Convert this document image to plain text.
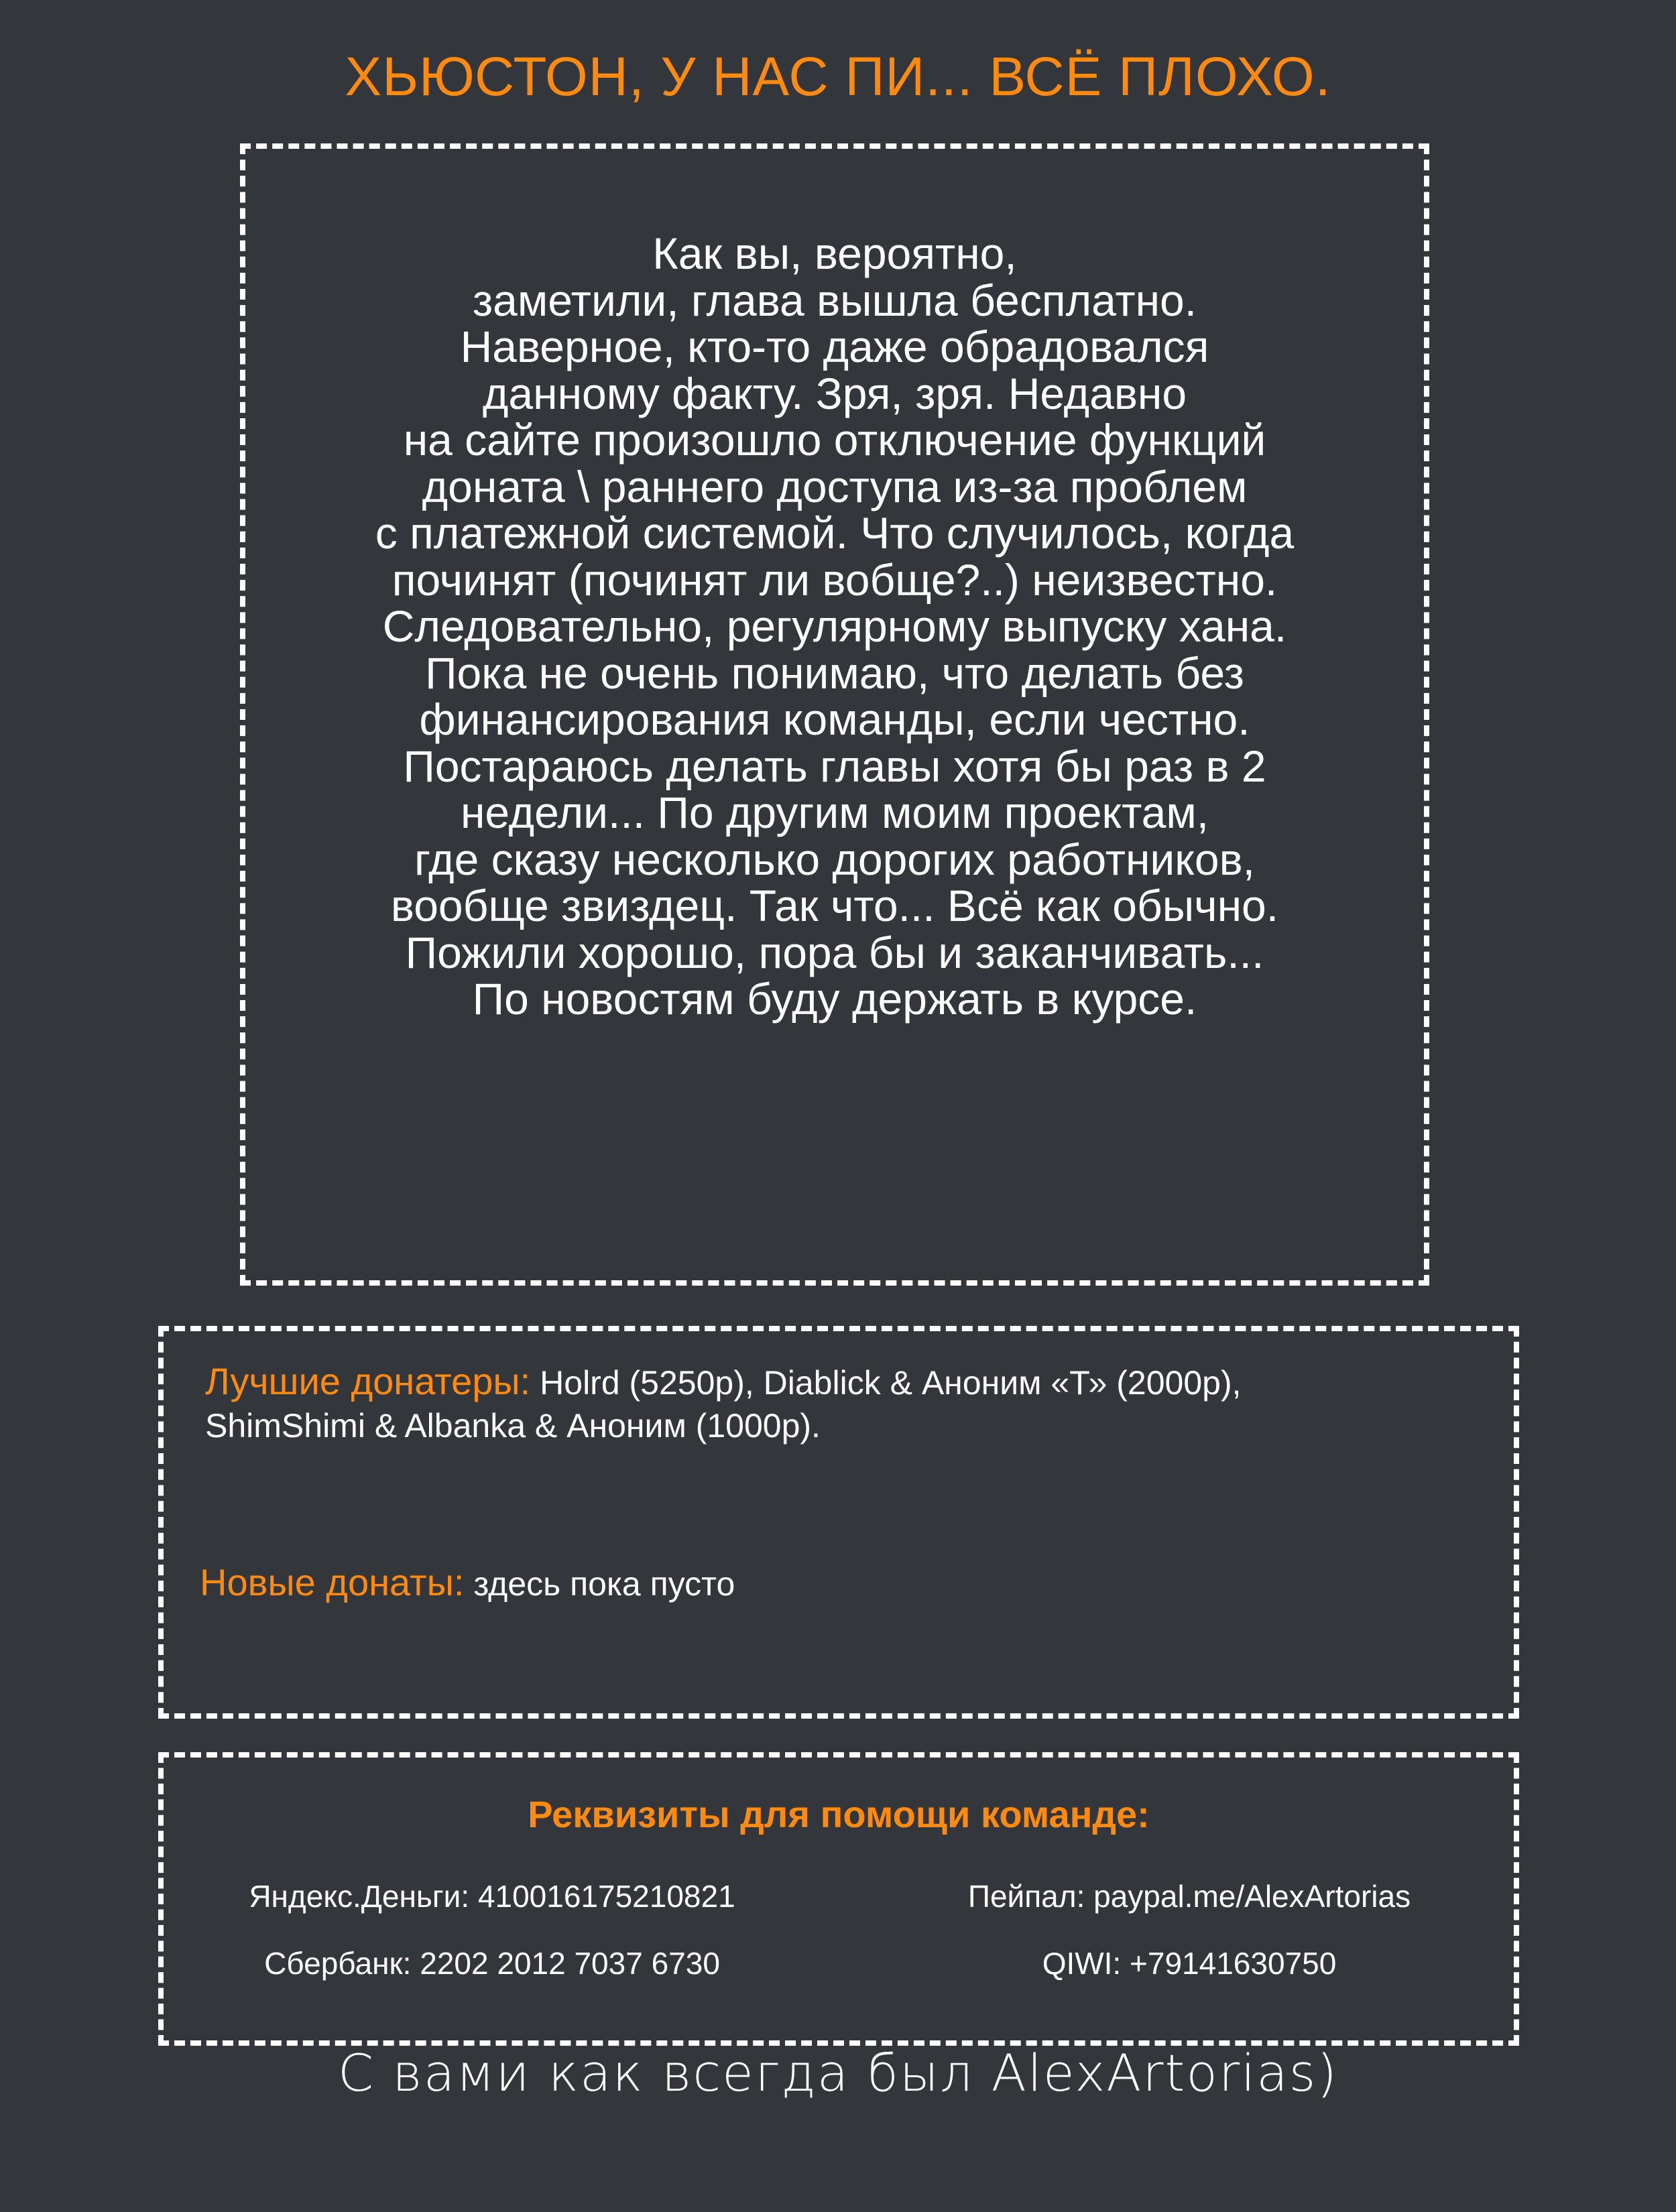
ХЬЮСТОН, У НАС ПИ... ВСЁ ПЛОХО.
Как вы, вероятно,
заметили, глава вышла бесплатно.
Наверное, кто-то даже обрадовался
данному факту. Зря, зря. Недавно
на сайте произошло отключение функций
доната \ раннего доступа из-за проблем
с платежной системой. Что случилось, когда
починят (починят ли вобще?..) неизвестно.
Следовательно, регулярному выпуску хана.
Пока не очень понимаю, что делать без
финансирования команды, если честно.
Постараюсь делать главы хотя бы раз в 2
недели... По другим моим проектам,
где сказу несколько дорогих работников,
вообще звиздец. Так что... Всё как обычно.
Пожили хорошо, пора бы и заканчивать...
По новостям буду держать в курсе.
Лучшие донатеры: Holrd (5250р), Diablick & Аноним «Т» (2000р),
ShimShimi & Albanka & Аноним (1000р).
Новые донаты: здесь пока пусто
Реквизиты для помощи команде:
Яндекс.Деньги: 410016175210821	Пейпал: paypal.me/AlexArtorias
Сбербанк: 2202 2012 7037 6730	QIWI: +79141630750
С вами как всегда был AlexArtorias)
